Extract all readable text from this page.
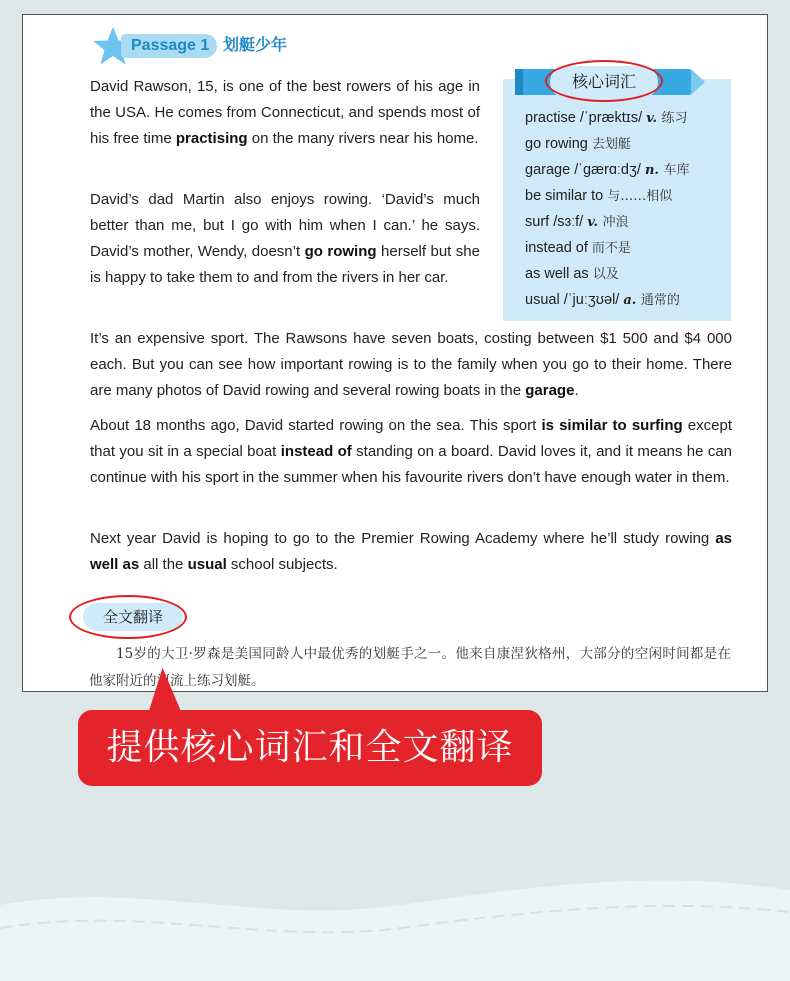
Passage 1 划艇少年

David Rawson, 15, is one of the best rowers of his age in the USA. He comes from Connecticut, and spends most of his free time practising on the many rivers near his home.

David’s dad Martin also enjoys rowing. ‘David’s much better than me, but I go with him when I can.’ he says. David’s mother, Wendy, doesn’t go rowing herself but she is happy to take them to and from the rivers in her car.

It’s an expensive sport. The Rawsons have seven boats, costing between $1 500 and $4 000 each. But you can see how important rowing is to the family when you go to their home. There are many photos of David rowing and several rowing boats in the garage.

About 18 months ago, David started rowing on the sea. This sport is similar to surfing except that you sit in a special boat instead of standing on a board. David loves it, and it means he can continue with his sport in the summer when his favourite rivers don’t have enough water in them.

Next year David is hoping to go to the Premier Rowing Academy where he’ll study rowing as well as all the usual school subjects.

核心词汇
practise /ˈpræktɪs/ v. 练习
go rowing 去划艇
garage /ˈgærɑːdʒ/ n. 车库
be similar to 与……相似
surf /sɜːf/ v. 冲浪
instead of 而不是
as well as 以及
usual /ˈjuːʒʊəl/ a. 通常的
全文翻译

15岁的大卫·罗森是美国同龄人中最优秀的划艇手之一。他来自康涅狄格州，大部分的空闲时间都是在他家附近的河流上练习划艇。

提供核心词汇和全文翻译
